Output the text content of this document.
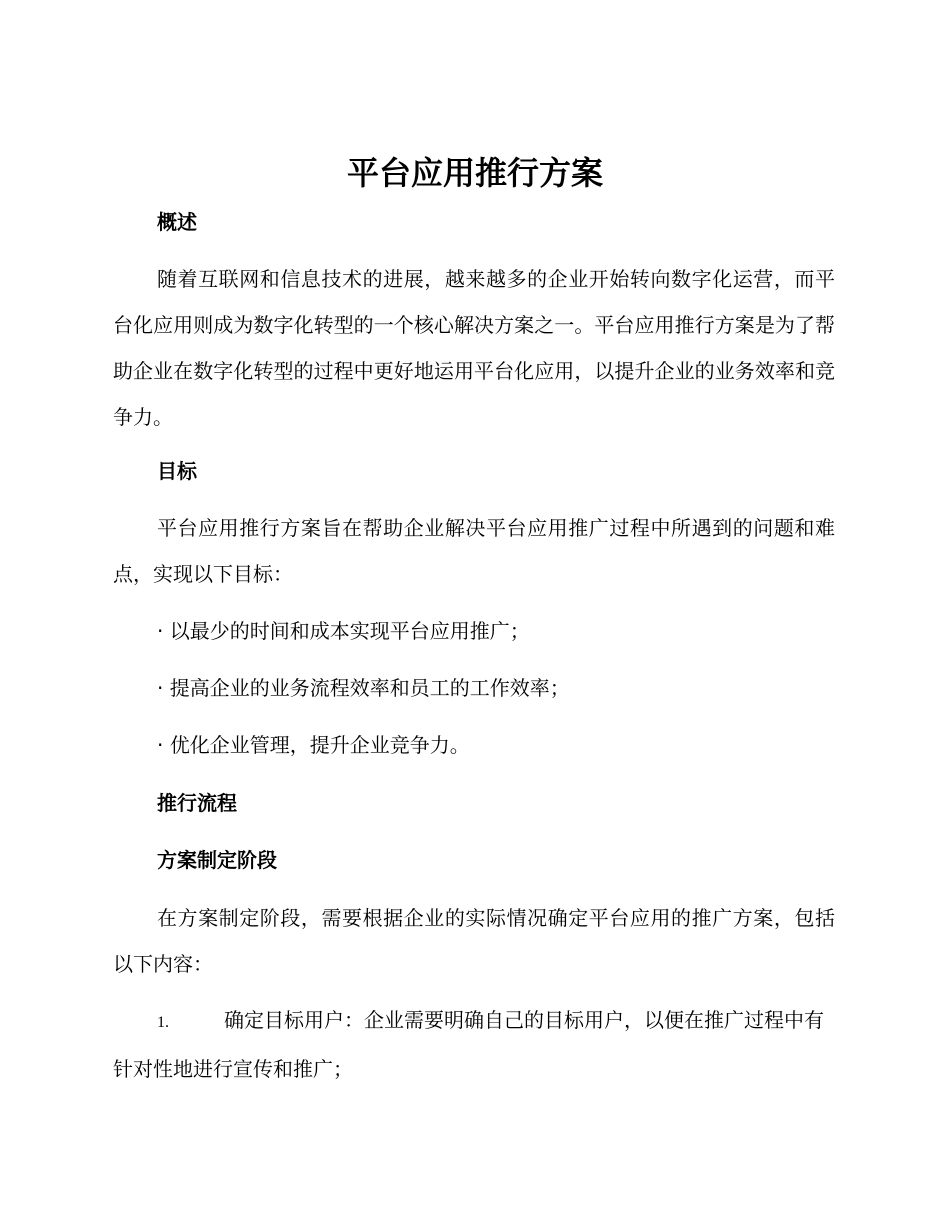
平台应用推行方案
概述

随着互联网和信息技术的进展，越来越多的企业开始转向数字化运营，而平台化应用则成为数字化转型的一个核心解决方案之一。平台应用推行方案是为了帮助企业在数字化转型的过程中更好地运用平台化应用，以提升企业的业务效率和竞争力。

目标

平台应用推行方案旨在帮助企业解决平台应用推广过程中所遇到的问题和难点，实现以下目标：

· 以最少的时间和成本实现平台应用推广；

· 提高企业的业务流程效率和员工的工作效率；

· 优化企业管理，提升企业竞争力。

推行流程
方案制定阶段

在方案制定阶段，需要根据企业的实际情况确定平台应用的推广方案，包括以下内容：

1.	确定目标用户：企业需要明确自己的目标用户，以便在推广过程中有针对性地进行宣传和推广；
